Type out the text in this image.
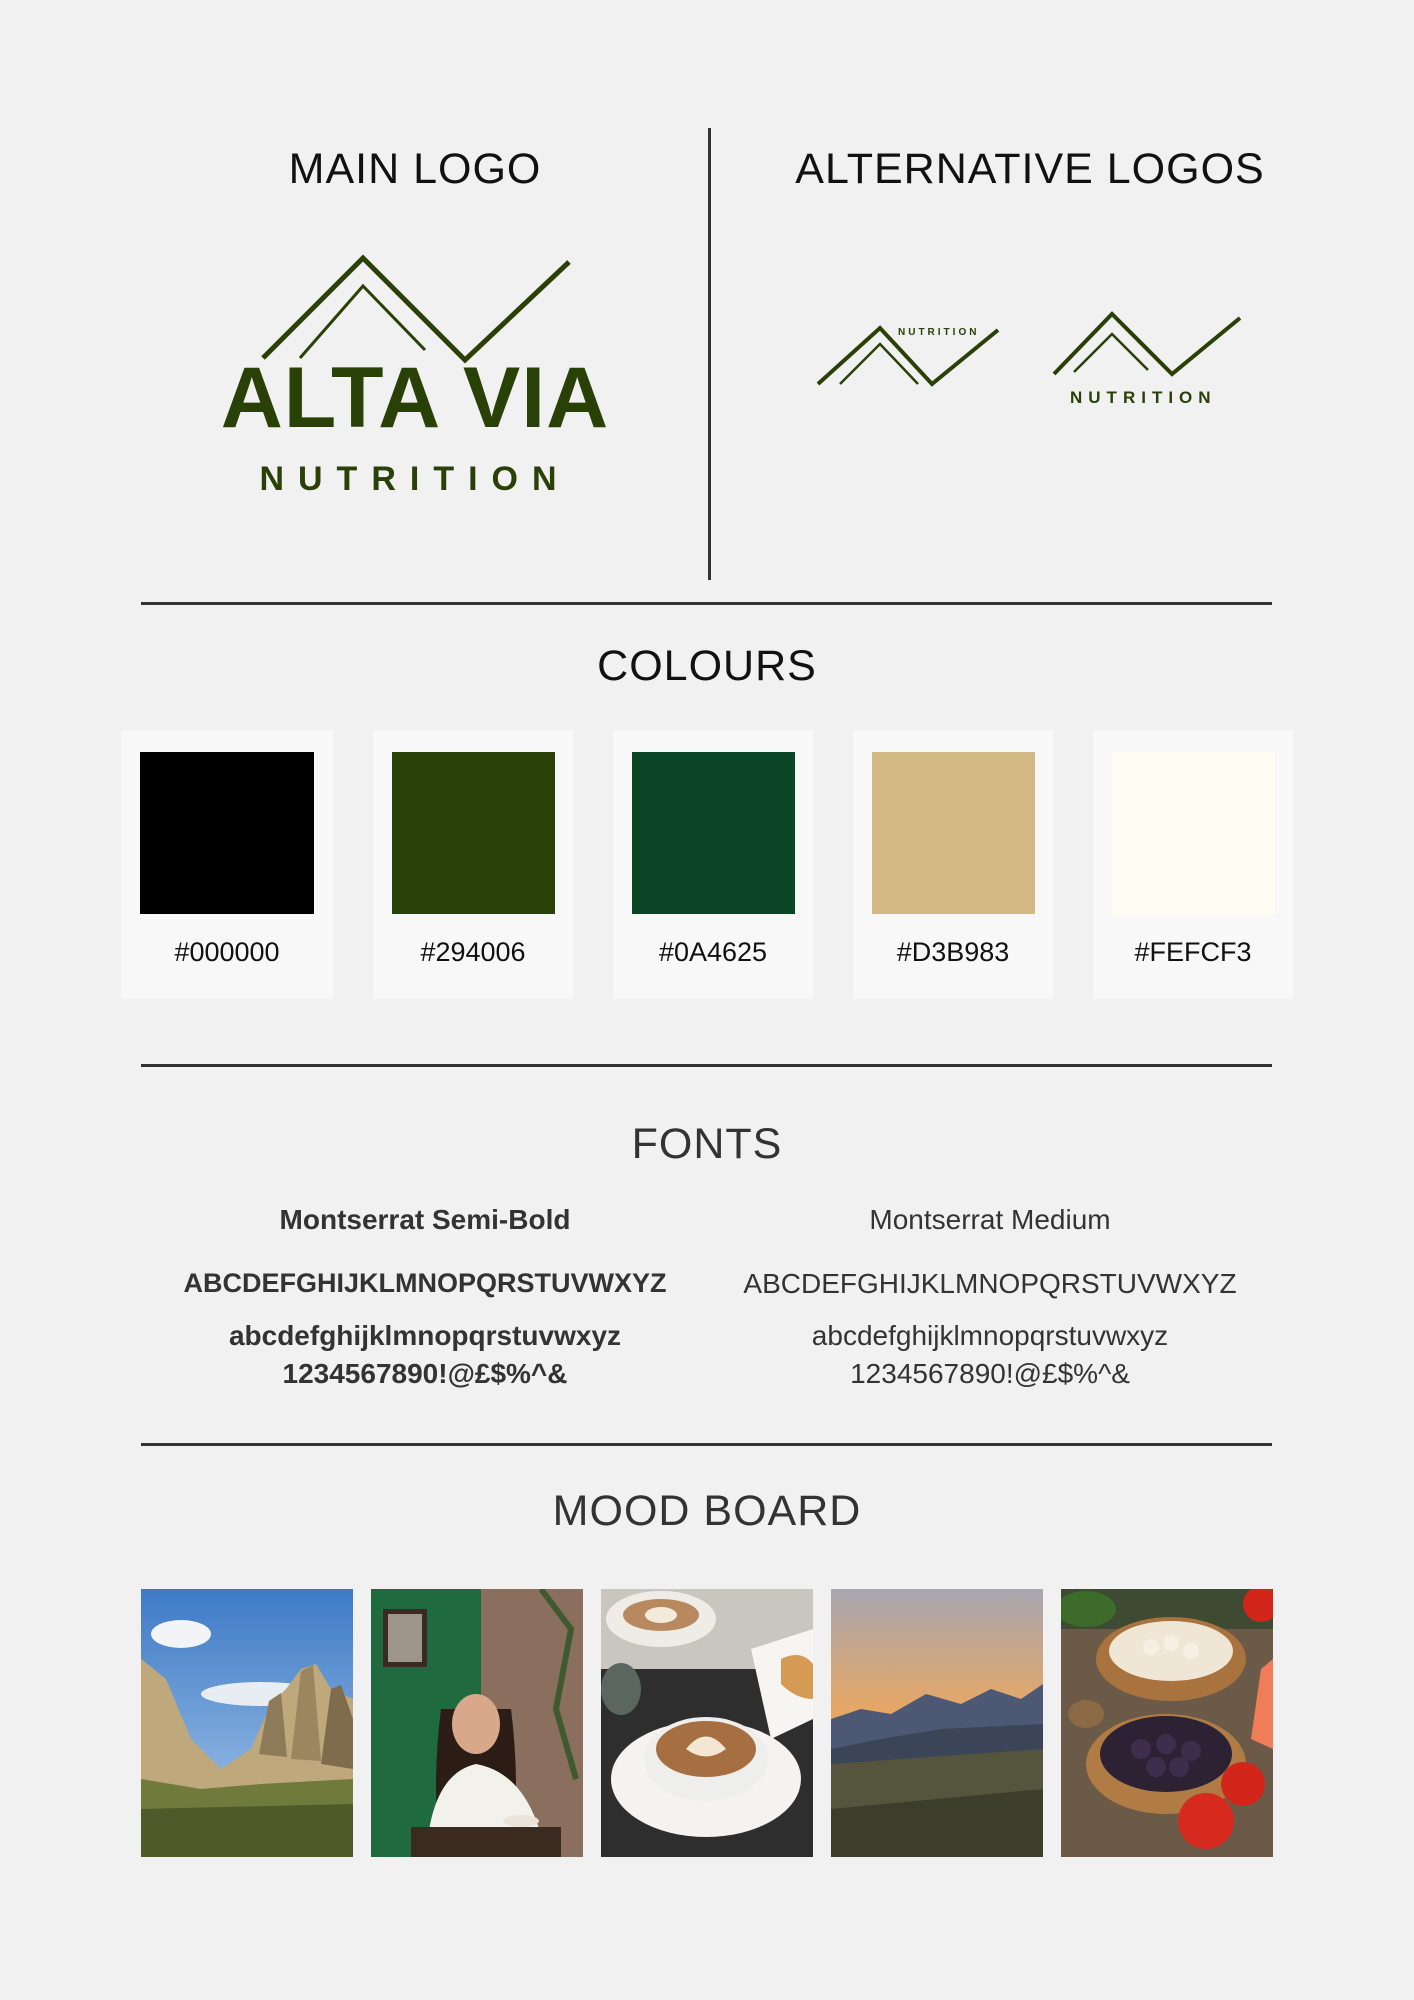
MAIN LOGO	ALTERNATIVE LOGOS
ALTA VIA
NUTRITION
NUTRITION
NUTRITION
COLOURS
#000000	#294006	#0A4625	#D3B983	#FEFCF3
FONTS
Montserrat Semi-Bold
ABCDEFGHIJKLMNOPQRSTUVWXYZ
abcdefghijklmnopqrstuvwxyz
1234567890!@£$%^&
Montserrat Medium
ABCDEFGHIJKLMNOPQRSTUVWXYZ
abcdefghijklmnopqrstuvwxyz
1234567890!@£$%^&
MOOD BOARD
